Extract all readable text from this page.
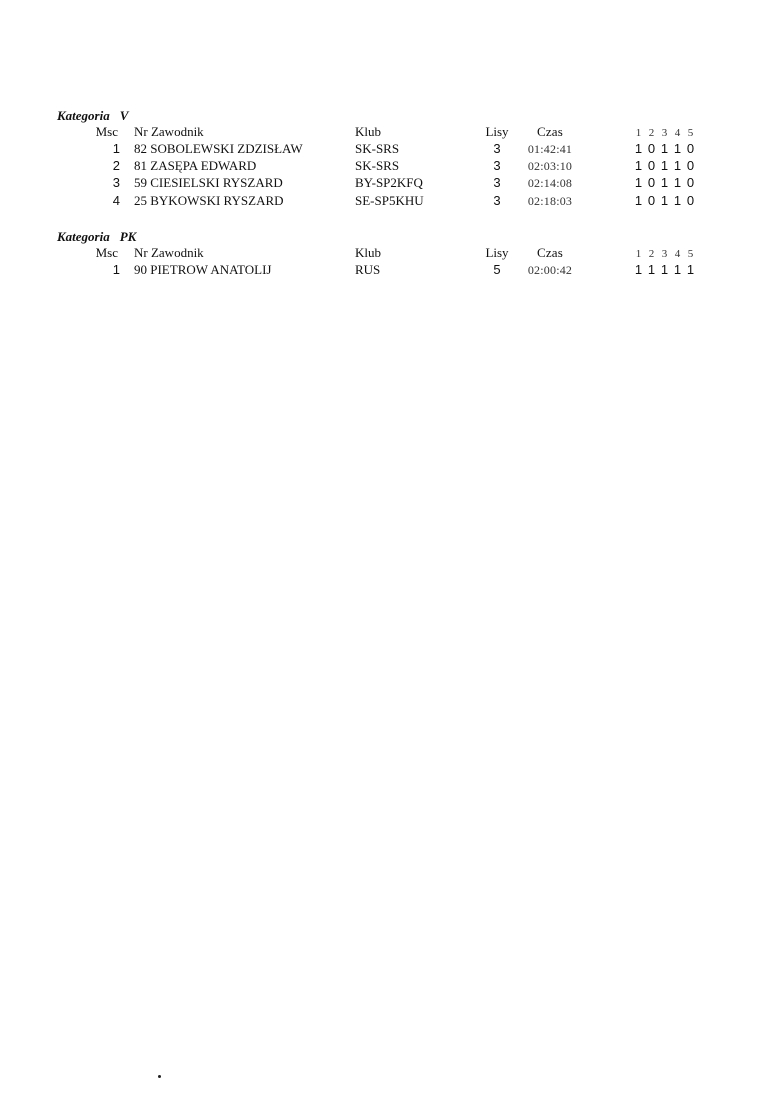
Kategoria V
Msc Nr Zawodnik	Klub	Lisy	Czas	1 2 3 4 5
1 82 SOBOLEWSKI ZDZISŁAW	SK-SRS	3	01:42:41	1 0 1 1 0
2 81 ZASĘPA EDWARD	SK-SRS	3	02:03:10	1 0 1 1 0
3 59 CIESIELSKI RYSZARD	BY-SP2KFQ	3	02:14:08	1 0 1 1 0
4 25 BYKOWSKI RYSZARD	SE-SP5KHU	3	02:18:03	1 0 1 1 0
Kategoria PK
Msc Nr Zawodnik	Klub	Lisy	Czas	1 2 3 4 5
1 90 PIETROW ANATOLIJ	RUS	5	02:00:42	1 1 1 1 1
